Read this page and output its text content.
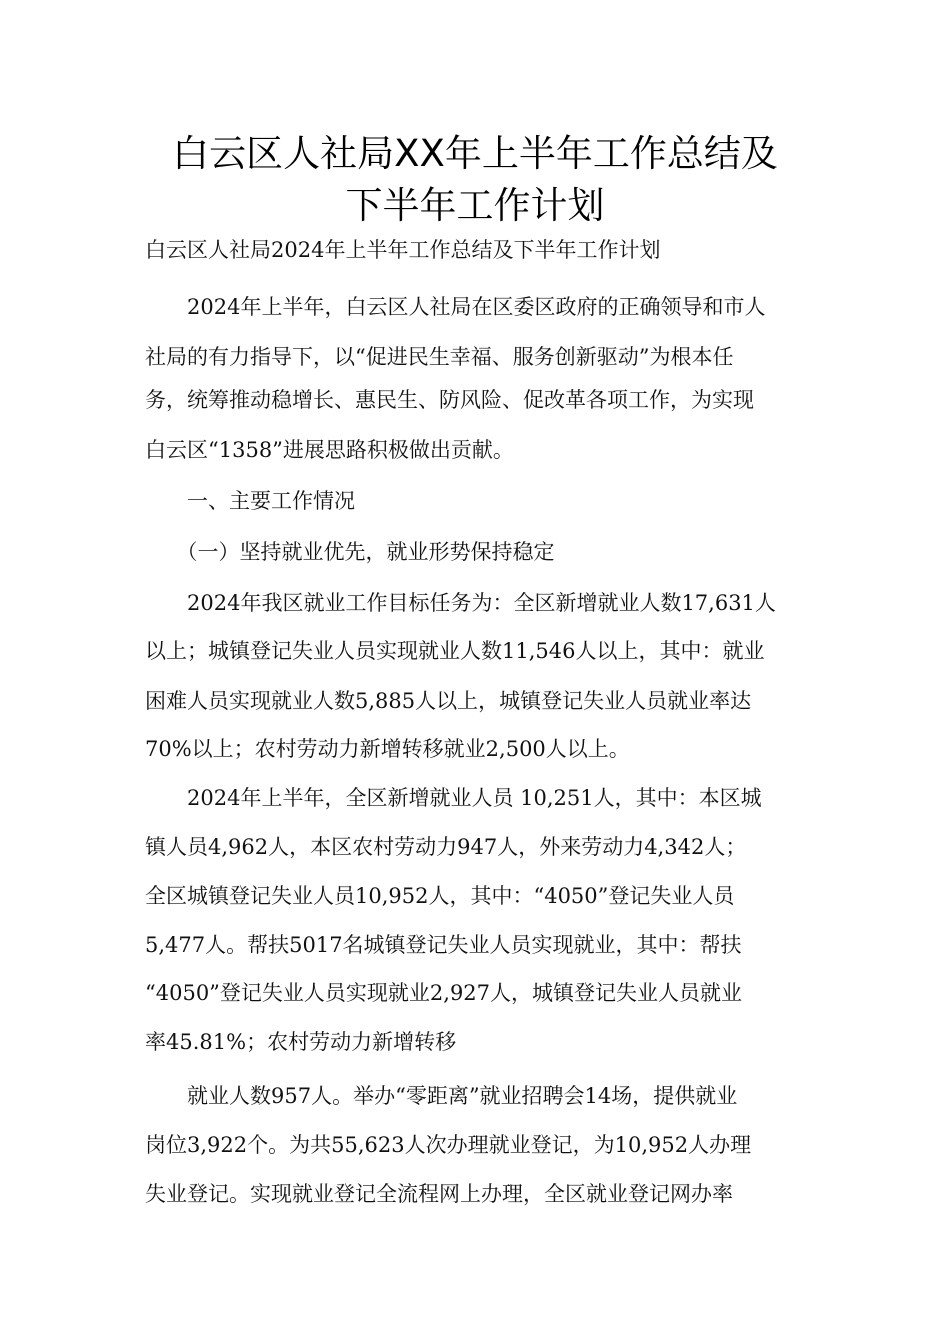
白云区人社局XX年上半年工作总结及
下半年工作计划

白云区人社局2024年上半年工作总结及下半年工作计划

　　2024年上半年，白云区人社局在区委区政府的正确领导和市人

社局的有力指导下，以“促进民生幸福、服务创新驱动”为根本任

务，统筹推动稳增长、惠民生、防风险、促改革各项工作，为实现

白云区“1358”进展思路积极做出贡献。

　　一、主要工作情况

　　（一）坚持就业优先，就业形势保持稳定

　　2024年我区就业工作目标任务为：全区新增就业人数17,631人

以上；城镇登记失业人员实现就业人数11,546人以上，其中：就业

困难人员实现就业人数5,885人以上，城镇登记失业人员就业率达

70%以上；农村劳动力新增转移就业2,500人以上。

　　2024年上半年，全区新增就业人员 10,251人，其中：本区城

镇人员4,962人，本区农村劳动力947人，外来劳动力4,342人；

全区城镇登记失业人员10,952人，其中：“4050”登记失业人员

5,477人。帮扶5017名城镇登记失业人员实现就业，其中：帮扶

“4050”登记失业人员实现就业2,927人，城镇登记失业人员就业

率45.81%；农村劳动力新增转移

　　就业人数957人。举办“零距离”就业招聘会14场，提供就业

岗位3,922个。为共55,623人次办理就业登记，为10,952人办理

失业登记。实现就业登记全流程网上办理，全区就业登记网办率
